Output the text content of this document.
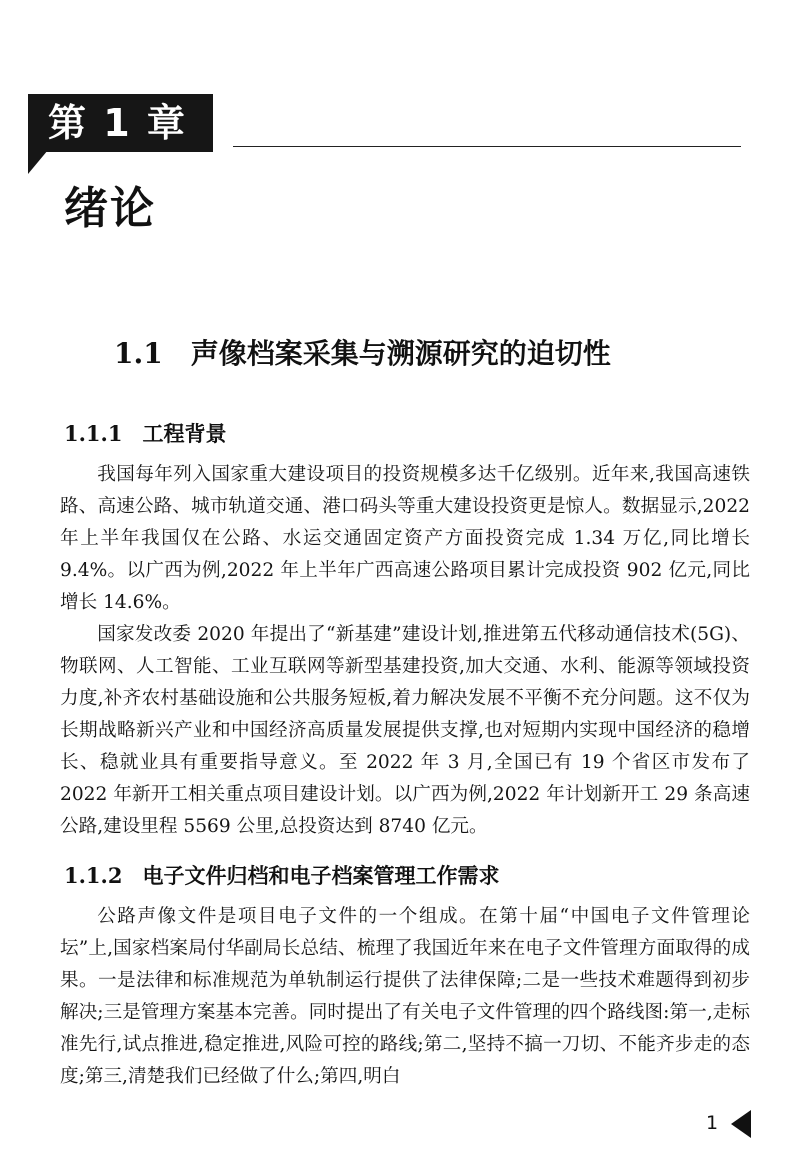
第 1 章
绪论
1.1 声像档案采集与溯源研究的迫切性
1.1.1 工程背景

我国每年列入国家重大建设项目的投资规模多达千亿级别。近年来,我国高速铁路、高速公路、城市轨道交通、港口码头等重大建设投资更是惊人。数据显示,2022 年上半年我国仅在公路、水运交通固定资产方面投资完成 1.34 万亿,同比增长 9.4%。以广西为例,2022 年上半年广西高速公路项目累计完成投资 902 亿元,同比增长 14.6%。

国家发改委 2020 年提出了“新基建”建设计划,推进第五代移动通信技术(5G)、物联网、人工智能、工业互联网等新型基建投资,加大交通、水利、能源等领域投资力度,补齐农村基础设施和公共服务短板,着力解决发展不平衡不充分问题。这不仅为长期战略新兴产业和中国经济高质量发展提供支撑,也对短期内实现中国经济的稳增长、稳就业具有重要指导意义。至 2022 年 3 月,全国已有 19 个省区市发布了 2022 年新开工相关重点项目建设计划。以广西为例,2022 年计划新开工 29 条高速公路,建设里程 5569 公里,总投资达到 8740 亿元。

1.1.2 电子文件归档和电子档案管理工作需求

公路声像文件是项目电子文件的一个组成。在第十届“中国电子文件管理论坛”上,国家档案局付华副局长总结、梳理了我国近年来在电子文件管理方面取得的成果。一是法律和标准规范为单轨制运行提供了法律保障;二是一些技术难题得到初步解决;三是管理方案基本完善。同时提出了有关电子文件管理的四个路线图:第一,走标准先行,试点推进,稳定推进,风险可控的路线;第二,坚持不搞一刀切、不能齐步走的态度;第三,清楚我们已经做了什么;第四,明白

1
